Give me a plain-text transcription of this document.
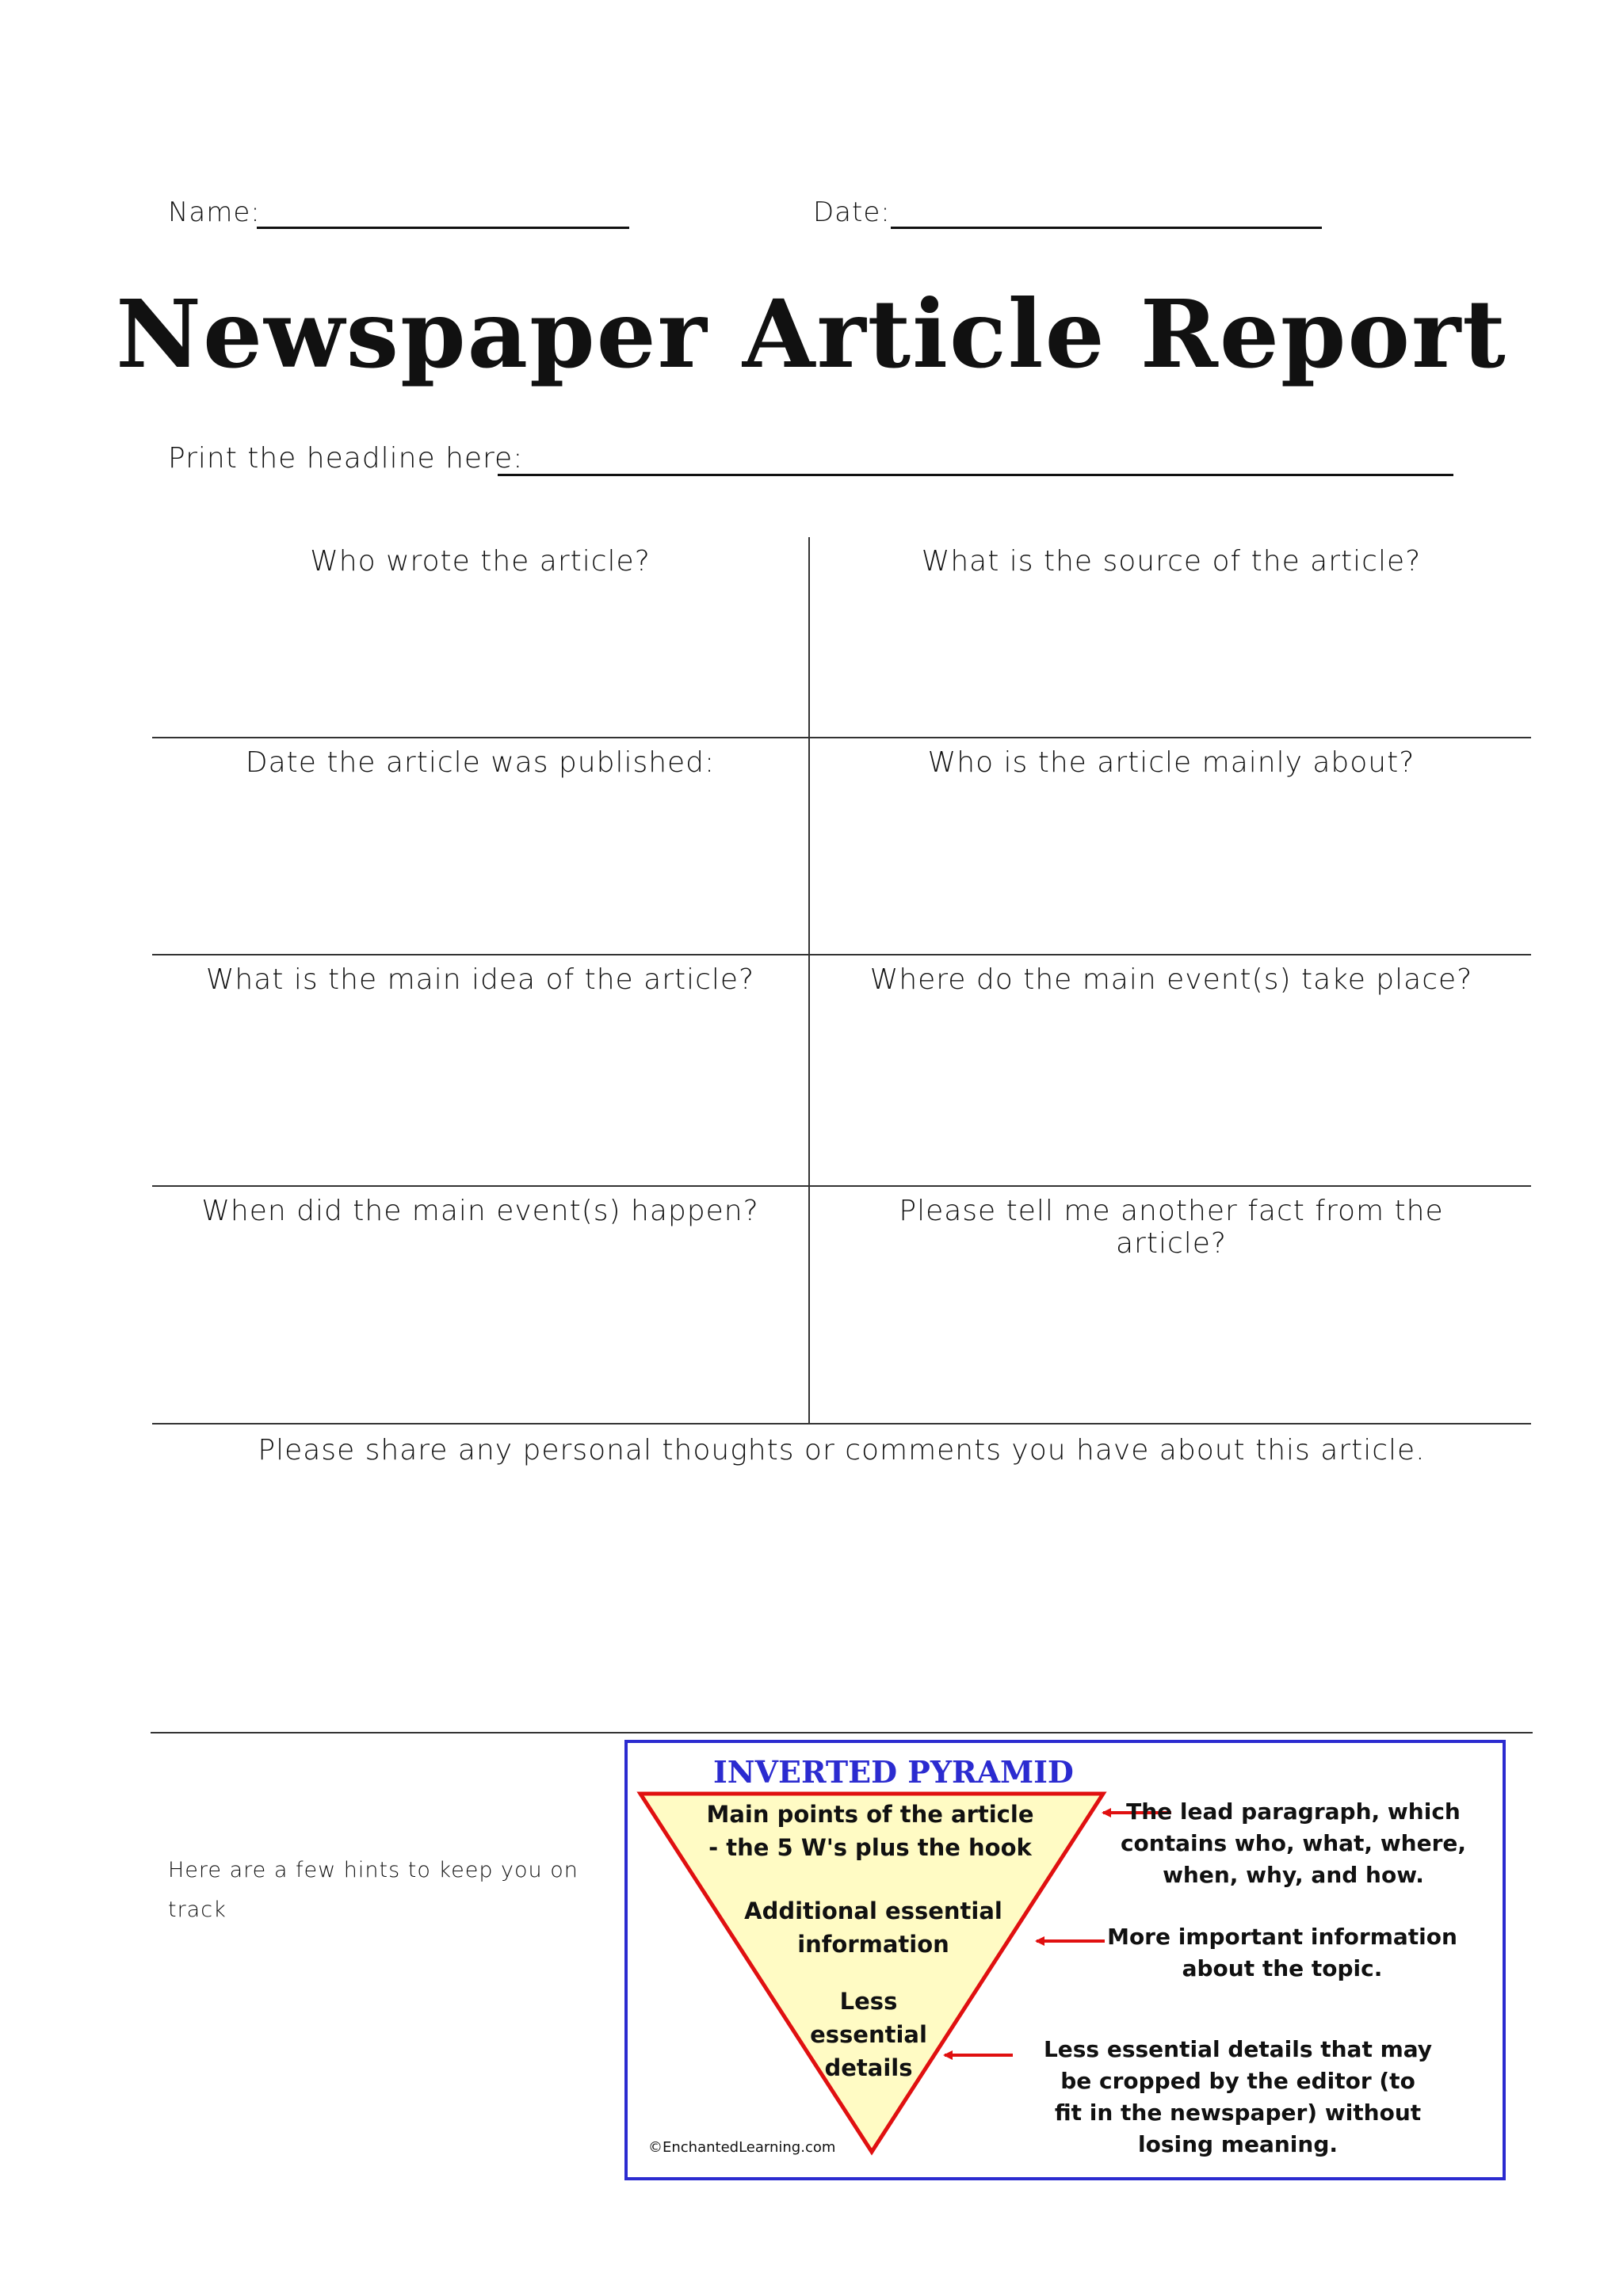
Name:	Date:
Newspaper Article Report
Print the headline here:
Who wrote the article?	What is the source of the article?
Date the article was published:	Who is the article mainly about?
What is the main idea of the article?	Where do the main event(s) take place?
When did the main event(s) happen?	Please tell me another fact from the article?
Please share any personal thoughts or comments you have about this article.
Here are a few hints to keep you on track
INVERTED PYRAMID
Main points of the article
- the 5 W's plus the hook
Additional essential
information
Less
essential
details
The lead paragraph, which
contains who, what, where,
when, why, and how.
More important information
about the topic.
Less essential details that may
be cropped by the editor (to
fit in the newspaper) without
losing meaning.
©EnchantedLearning.com
